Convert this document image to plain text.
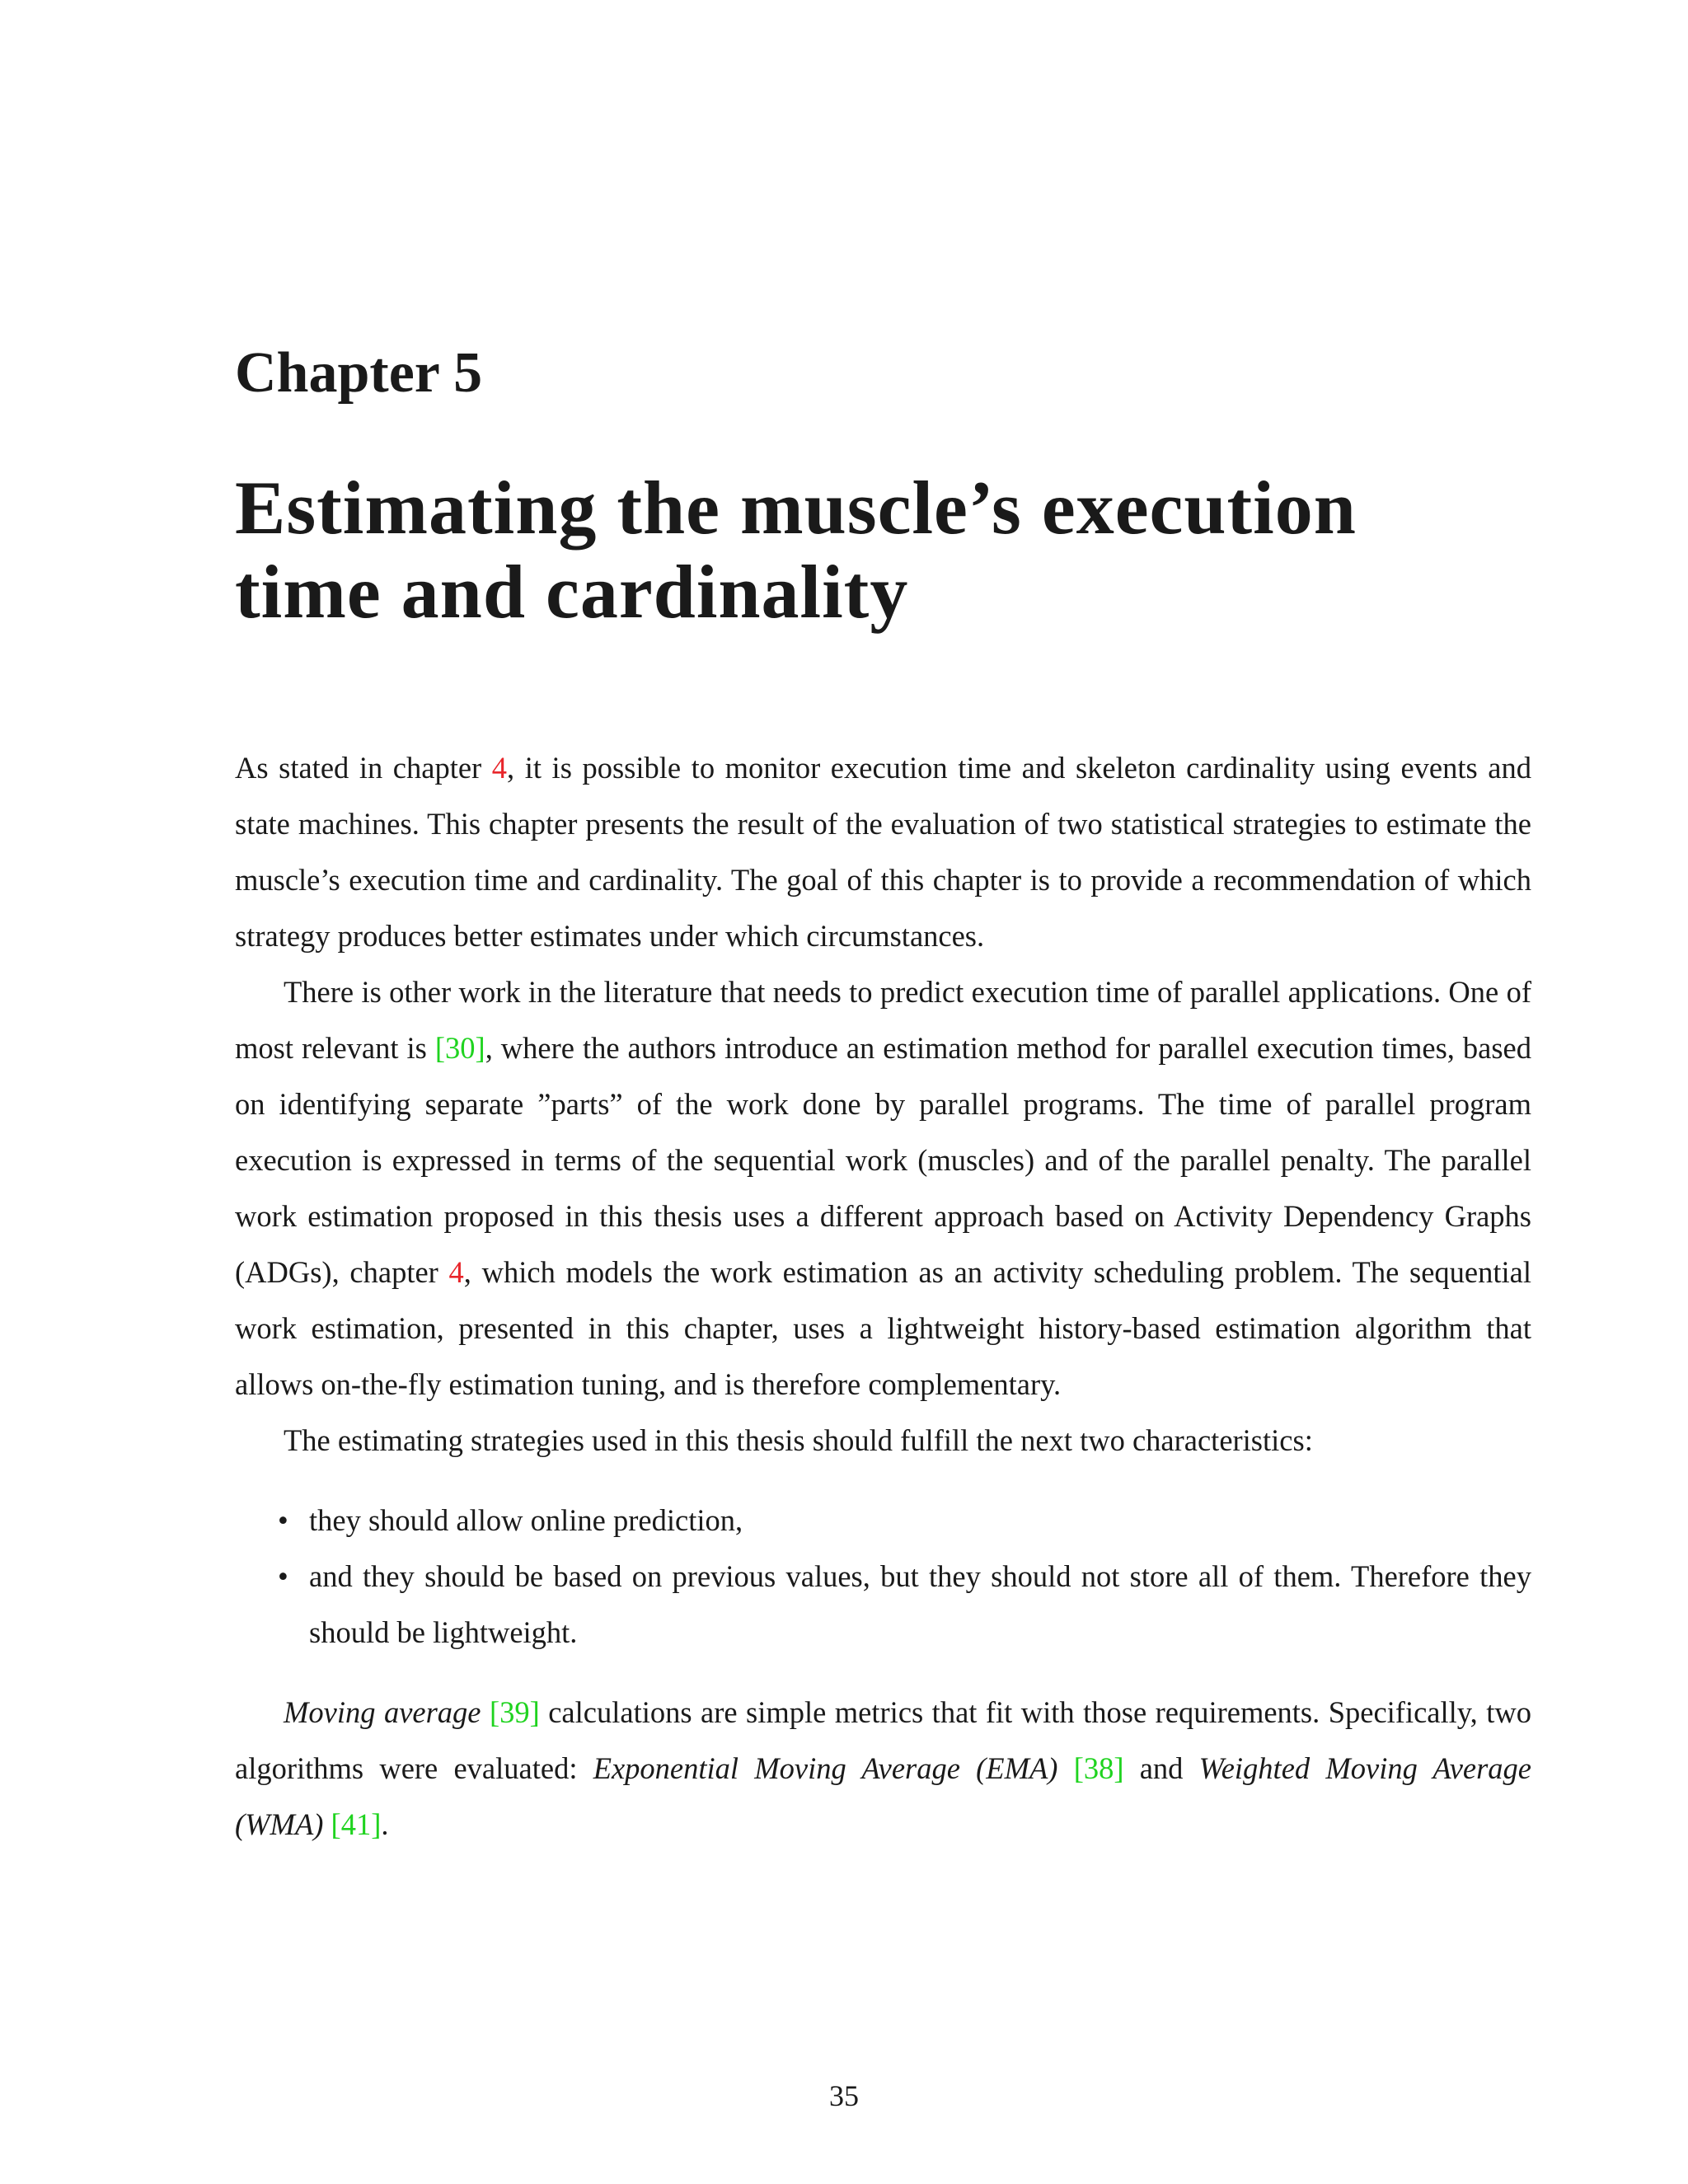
Chapter 5
Estimating the muscle’s execution
time and cardinality

As stated in chapter 4, it is possible to monitor execution time and skeleton cardinality using events and state machines. This chapter presents the result of the evaluation of two statistical strategies to estimate the muscle’s execution time and cardinality. The goal of this chapter is to provide a recommendation of which strategy produces better estimates under which circumstances.

There is other work in the literature that needs to predict execution time of parallel applications. One of most relevant is [30], where the authors introduce an estimation method for parallel execution times, based on identifying separate ”parts” of the work done by parallel programs. The time of parallel program execution is expressed in terms of the sequential work (muscles) and of the parallel penalty. The parallel work estimation proposed in this thesis uses a different approach based on Activity Dependency Graphs (ADGs), chapter 4, which models the work estimation as an activity scheduling problem. The sequential work estimation, presented in this chapter, uses a lightweight history-based estimation algorithm that allows on-the-fly estimation tuning, and is therefore complementary.

The estimating strategies used in this thesis should fulfill the next two characteristics:

• they should allow online prediction,
• and they should be based on previous values, but they should not store all of them. Therefore they should be lightweight.

Moving average [39] calculations are simple metrics that fit with those requirements. Specifically, two algorithms were evaluated: Exponential Moving Average (EMA) [38] and Weighted Moving Average (WMA) [41].

35
